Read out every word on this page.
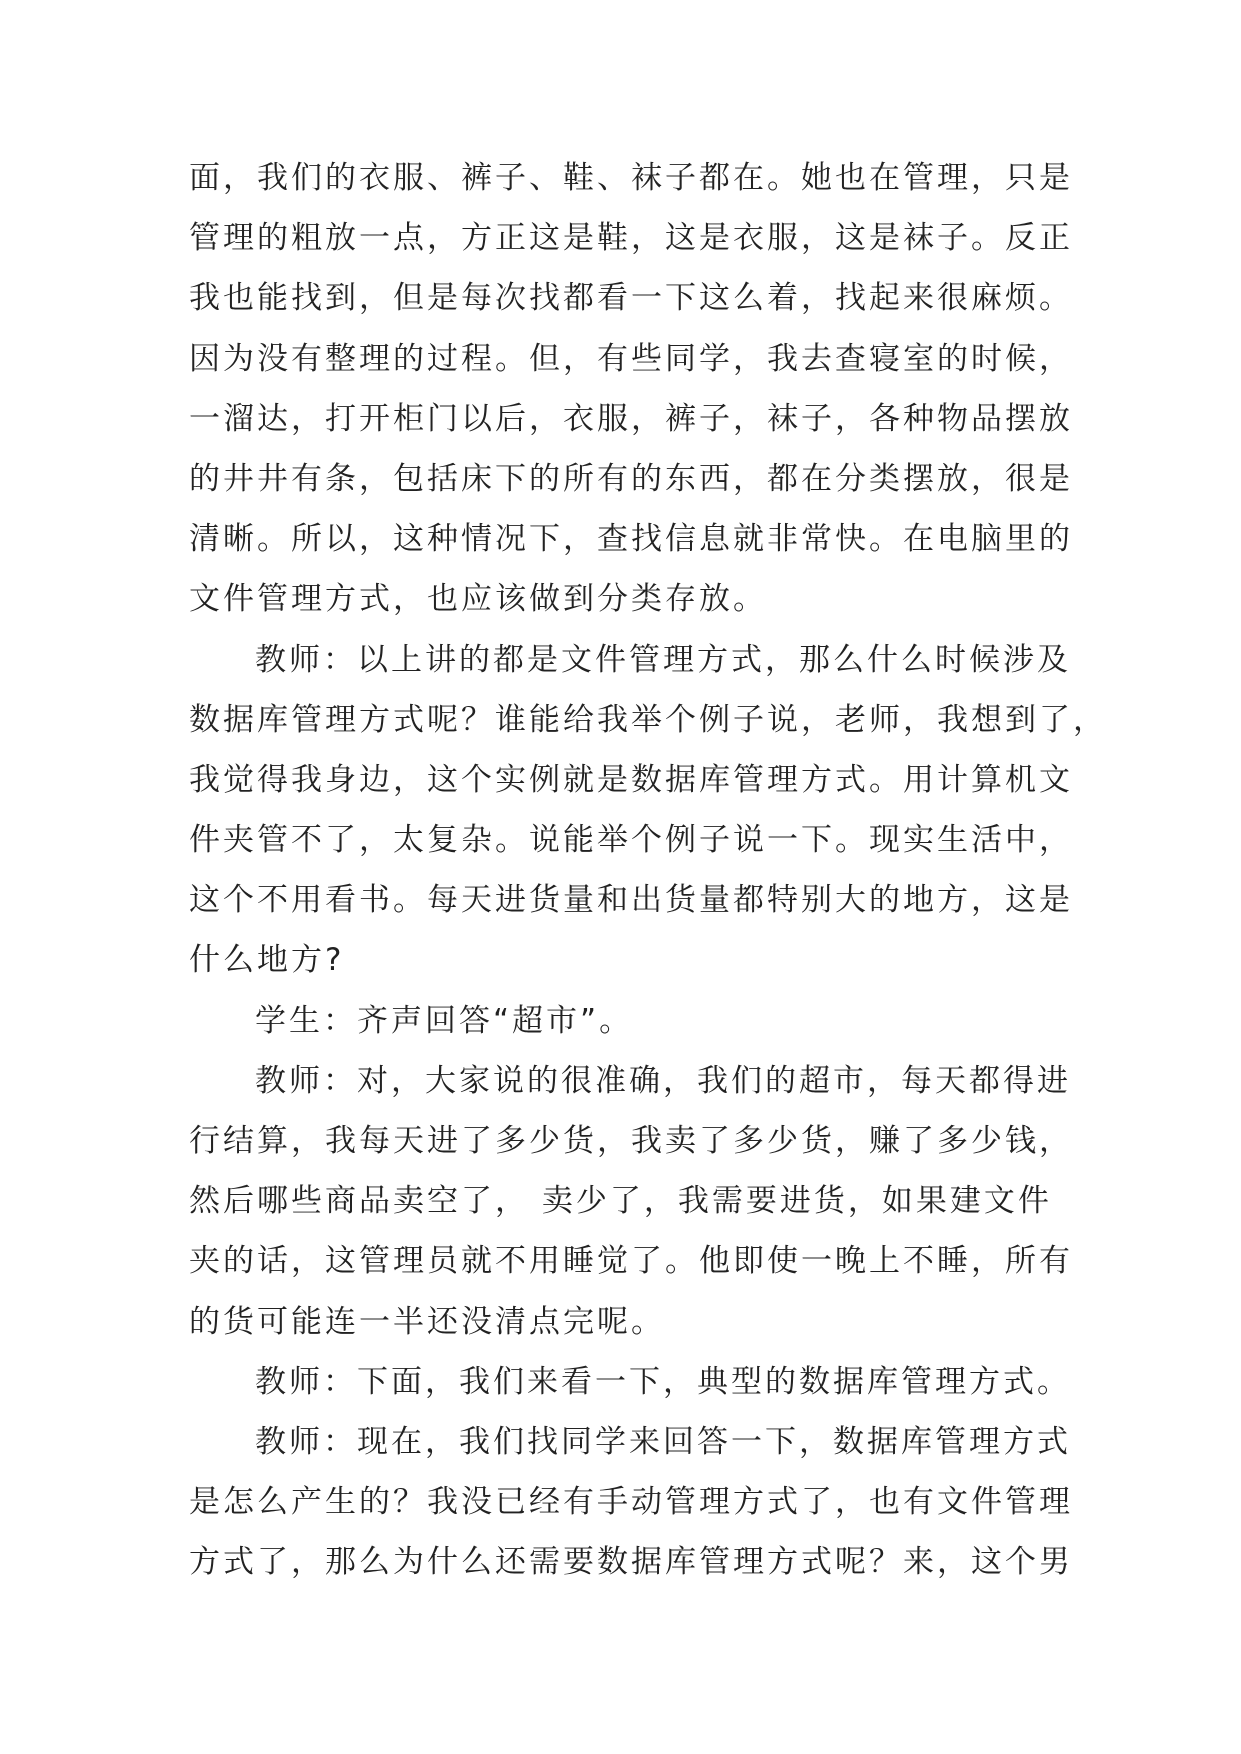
面，我们的衣服、裤子、鞋、袜子都在。她也在管理，只是
管理的粗放一点，方正这是鞋，这是衣服，这是袜子。反正
我也能找到，但是每次找都看一下这么着，找起来很麻烦。
因为没有整理的过程。但，有些同学，我去查寝室的时候，
一溜达，打开柜门以后，衣服，裤子，袜子，各种物品摆放
的井井有条，包括床下的所有的东西，都在分类摆放，很是
清晰。所以，这种情况下，查找信息就非常快。在电脑里的
文件管理方式，也应该做到分类存放。
教师：以上讲的都是文件管理方式，那么什么时候涉及
数据库管理方式呢？谁能给我举个例子说，老师，我想到了，
我觉得我身边，这个实例就是数据库管理方式。用计算机文
件夹管不了，太复杂。说能举个例子说一下。现实生活中，
这个不用看书。每天进货量和出货量都特别大的地方，这是
什么地方?
学生：齐声回答“超市”。
教师：对，大家说的很准确，我们的超市，每天都得进
行结算，我每天进了多少货，我卖了多少货，赚了多少钱，
然后哪些商品卖空了， 卖少了，我需要进货，如果建文件
夹的话，这管理员就不用睡觉了。他即使一晚上不睡，所有
的货可能连一半还没清点完呢。
教师：下面，我们来看一下，典型的数据库管理方式。
教师：现在，我们找同学来回答一下，数据库管理方式
是怎么产生的？我没已经有手动管理方式了，也有文件管理
方式了，那么为什么还需要数据库管理方式呢？来，这个男
